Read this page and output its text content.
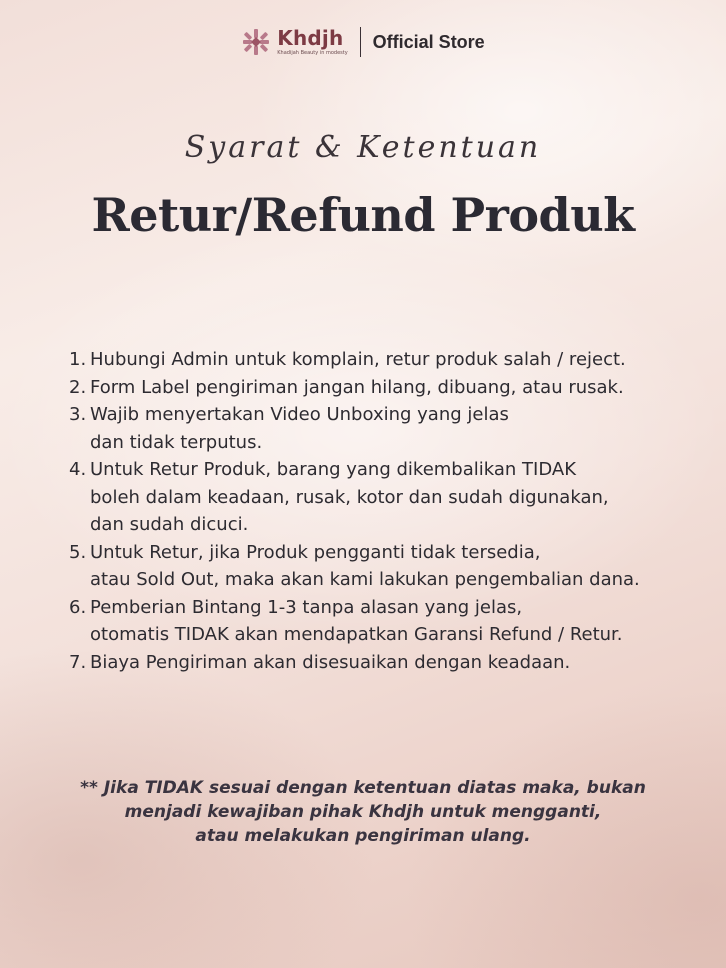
Khdjh
Khadijah Beauty in modesty
Official Store
Syarat & Ketentuan
Retur/Refund Produk
1. Hubungi Admin untuk komplain, retur produk salah / reject.
2. Form Label pengiriman jangan hilang, dibuang, atau rusak.
3. Wajib menyertakan Video Unboxing yang jelas
dan tidak terputus.
4. Untuk Retur Produk, barang yang dikembalikan TIDAK
boleh dalam keadaan, rusak, kotor dan sudah digunakan,
dan sudah dicuci.
5. Untuk Retur, jika Produk pengganti tidak tersedia,
atau Sold Out, maka akan kami lakukan pengembalian dana.
6. Pemberian Bintang 1-3 tanpa alasan yang jelas,
otomatis TIDAK akan mendapatkan Garansi Refund / Retur.
7. Biaya Pengiriman akan disesuaikan dengan keadaan.
** Jika TIDAK sesuai dengan ketentuan diatas maka, bukan
menjadi kewajiban pihak Khdjh untuk mengganti,
atau melakukan pengiriman ulang.
